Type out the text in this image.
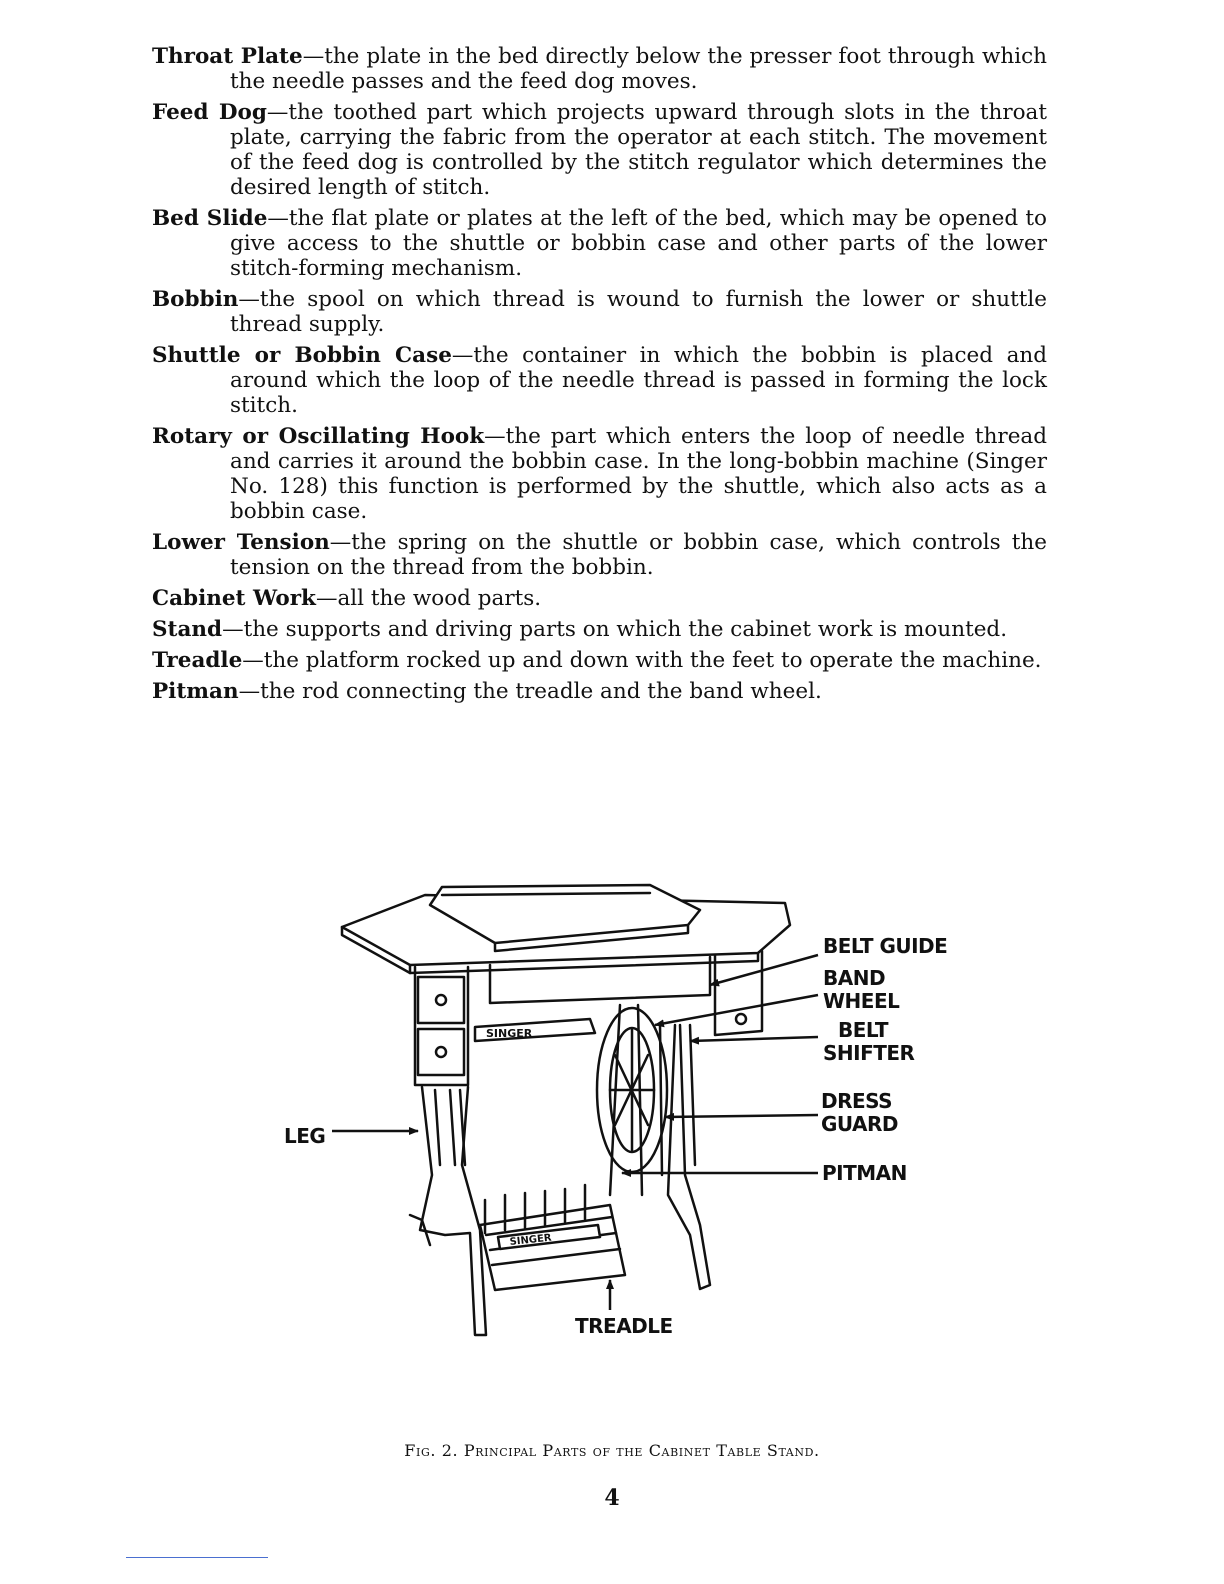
Throat Plate—the plate in the bed directly below the presser foot through which the needle passes and the feed dog moves.

Feed Dog—the toothed part which projects upward through slots in the throat plate, carrying the fabric from the operator at each stitch. The movement of the feed dog is controlled by the stitch regulator which determines the desired length of stitch.

Bed Slide—the flat plate or plates at the left of the bed, which may be opened to give access to the shuttle or bobbin case and other parts of the lower stitch-forming mechanism.

Bobbin—the spool on which thread is wound to furnish the lower or shuttle thread supply.

Shuttle or Bobbin Case—the container in which the bobbin is placed and around which the loop of the needle thread is passed in forming the lock stitch.

Rotary or Oscillating Hook—the part which enters the loop of needle thread and carries it around the bobbin case. In the long-bobbin machine (Singer No. 128) this function is performed by the shuttle, which also acts as a bobbin case.

Lower Tension—the spring on the shuttle or bobbin case, which controls the tension on the thread from the bobbin.

Cabinet Work—all the wood parts.

Stand—the supports and driving parts on which the cabinet work is mounted.

Treadle—the platform rocked up and down with the feet to operate the machine.

Pitman—the rod connecting the treadle and the band wheel.

SINGER
SINGER
BELT GUIDE
BAND
WHEEL
BELT
SHIFTER
DRESS
GUARD
PITMAN
LEG
TREADLE
Fig. 2. Principal Parts of the Cabinet Table Stand.
4
